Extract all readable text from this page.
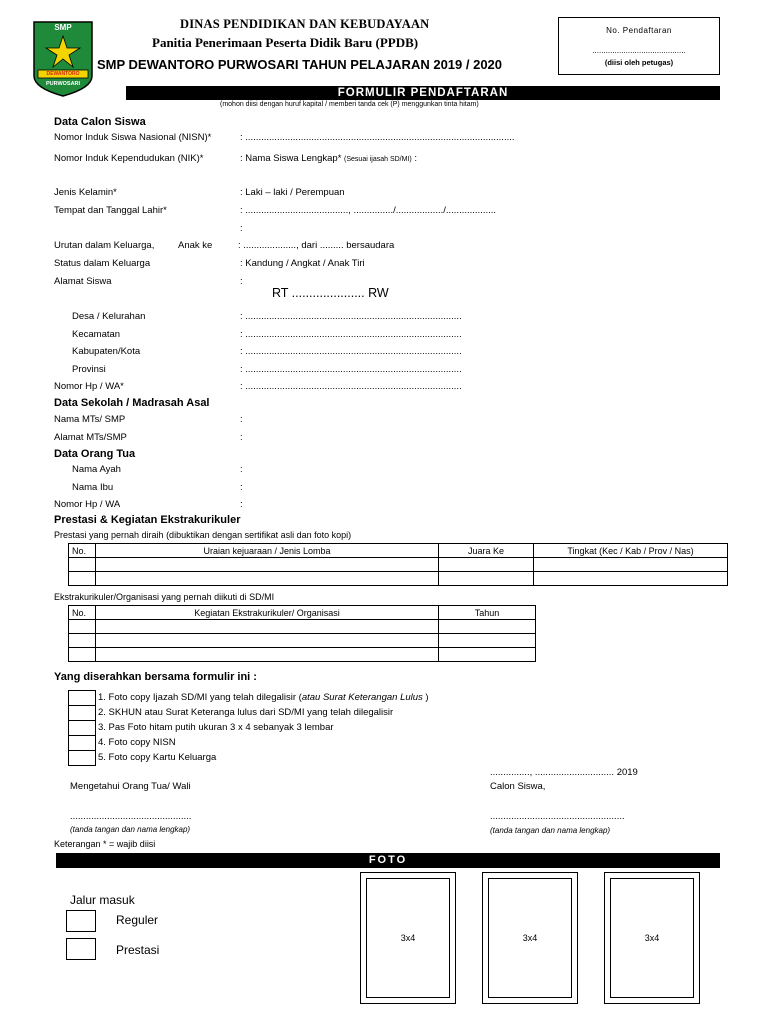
SMP
DEWANTORO
PURWOSARI
DINAS PENDIDIKAN DAN KEBUDAYAAN
Panitia Penerimaan Peserta Didik Baru (PPDB)
SMP DEWANTORO PURWOSARI TAHUN PELAJARAN 2019 / 2020
No. Pendaftaran
..........................................
(diisi oleh petugas)
FORMULIR PENDAFTARAN
(mohon diisi dengan huruf kapital / memberi tanda cek (P) menggunkan tinta hitam)
Data Calon Siswa
Nomor Induk Siswa Nasional (NISN)*	: ......................................................................................................
Nomor Induk Kependudukan (NIK)*	: Nama Siswa Lengkap* (Sesuai ijasah SD/MI) :
Jenis Kelamin*	: Laki – laki / Perempuan
Tempat dan Tanggal Lahir*	: ......................................., .............../................../...................
:
Urutan dalam Keluarga, Anak ke	: ...................., dari ......... bersaudara
Status dalam Keluarga	: Kandung / Angkat / Anak Tiri
Alamat Siswa	:
RT ..................... RW
Desa / Kelurahan	: ..................................................................................
Kecamatan	: ..................................................................................
Kabupaten/Kota	: ..................................................................................
Provinsi	: ..................................................................................
Nomor Hp / WA*	: ..................................................................................
Data Sekolah / Madrasah Asal
Nama MTs/ SMP	:
Alamat MTs/SMP	:
Data Orang Tua
Nama Ayah	:
Nama Ibu	:
Nomor Hp / WA	:
Prestasi & Kegiatan Ekstrakurikuler
Prestasi yang pernah diraih (dibuktikan dengan sertifikat asli dan foto kopi)
No.	Uraian kejuaraan / Jenis Lomba	Juara Ke	Tingkat (Kec / Kab / Prov / Nas)

Ekstrakurikuler/Organisasi yang pernah diikuti di SD/MI
No.	Kegiatan Ekstrakurikuler/ Organisasi	Tahun

Yang diserahkan bersama formulir ini :
1. Foto copy Ijazah SD/MI yang telah dilegalisir (atau Surat Keterangan Lulus )
2. SKHUN atau Surat Keteranga lulus dari SD/MI yang telah dilegalisir
3. Pas Foto hitam putih ukuran 3 x 4 sebanyak 3 lembar
4. Foto copy NISN
5. Foto copy Kartu Keluarga
..............., .............................. 2019
Mengetahui Orang Tua/ Wali	Calon Siswa,
..............................................	...................................................
(tanda tangan dan nama lengkap)	(tanda tangan dan nama lengkap)
Keterangan * = wajib diisi
FOTO
Jalur masuk
Reguler
Prestasi
3x4	3x4	3x4
